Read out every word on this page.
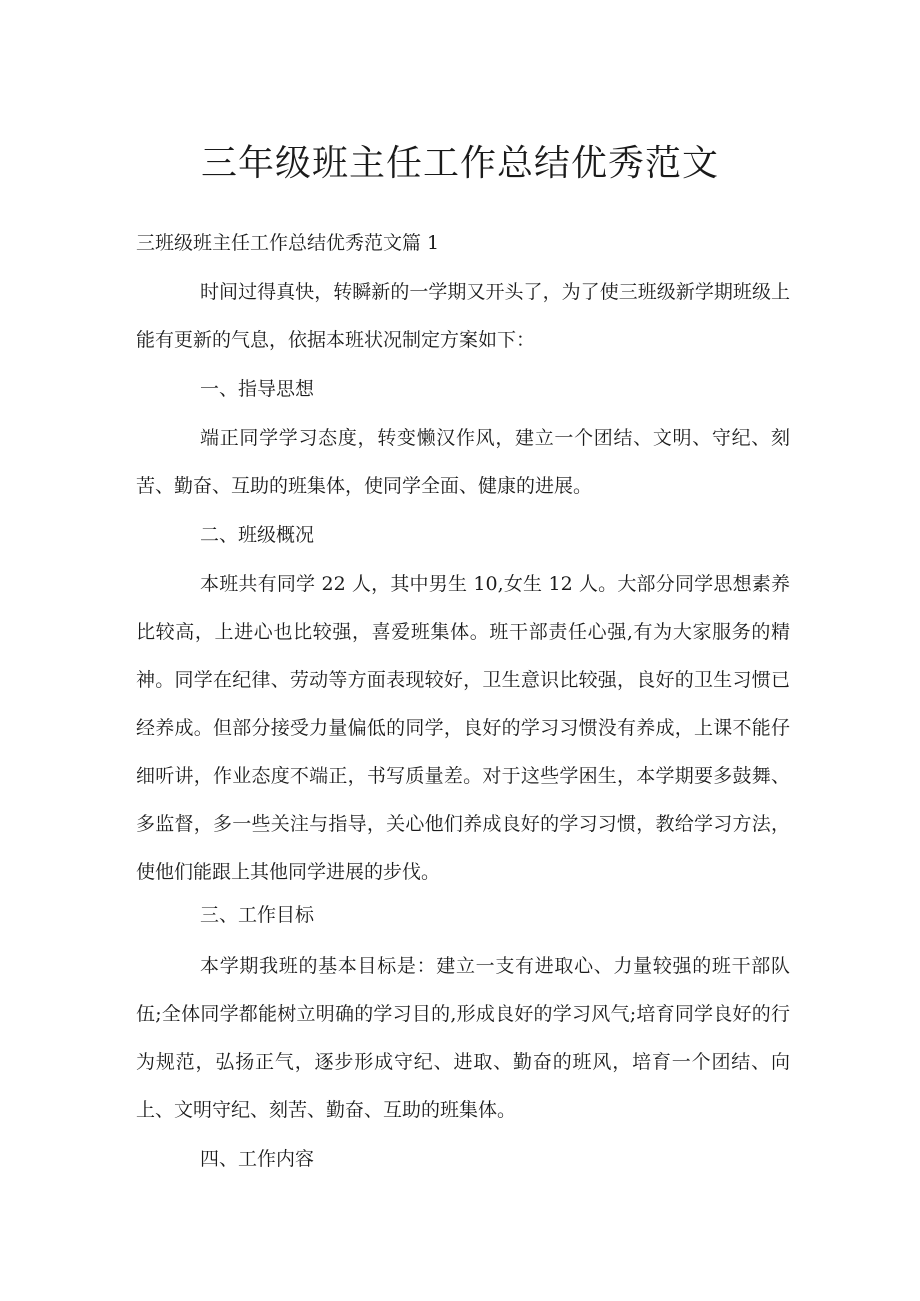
三年级班主任工作总结优秀范文
三班级班主任工作总结优秀范文篇 1

时间过得真快，转瞬新的一学期又开头了，为了使三班级新学期班级上能有更新的气息，依据本班状况制定方案如下：

一、指导思想

端正同学学习态度，转变懒汉作风，建立一个团结、文明、守纪、刻苦、勤奋、互助的班集体，使同学全面、健康的进展。

二、班级概况

本班共有同学 22 人，其中男生 10,女生 12 人。大部分同学思想素养比较高，上进心也比较强，喜爱班集体。班干部责任心强,有为大家服务的精神。同学在纪律、劳动等方面表现较好，卫生意识比较强，良好的卫生习惯已经养成。但部分接受力量偏低的同学，良好的学习习惯没有养成，上课不能仔细听讲，作业态度不端正，书写质量差。对于这些学困生，本学期要多鼓舞、多监督，多一些关注与指导，关心他们养成良好的学习习惯，教给学习方法，使他们能跟上其他同学进展的步伐。

三、工作目标

本学期我班的基本目标是：建立一支有进取心、力量较强的班干部队伍;全体同学都能树立明确的学习目的,形成良好的学习风气;培育同学良好的行为规范，弘扬正气，逐步形成守纪、进取、勤奋的班风，培育一个团结、向上、文明守纪、刻苦、勤奋、互助的班集体。

四、工作内容
